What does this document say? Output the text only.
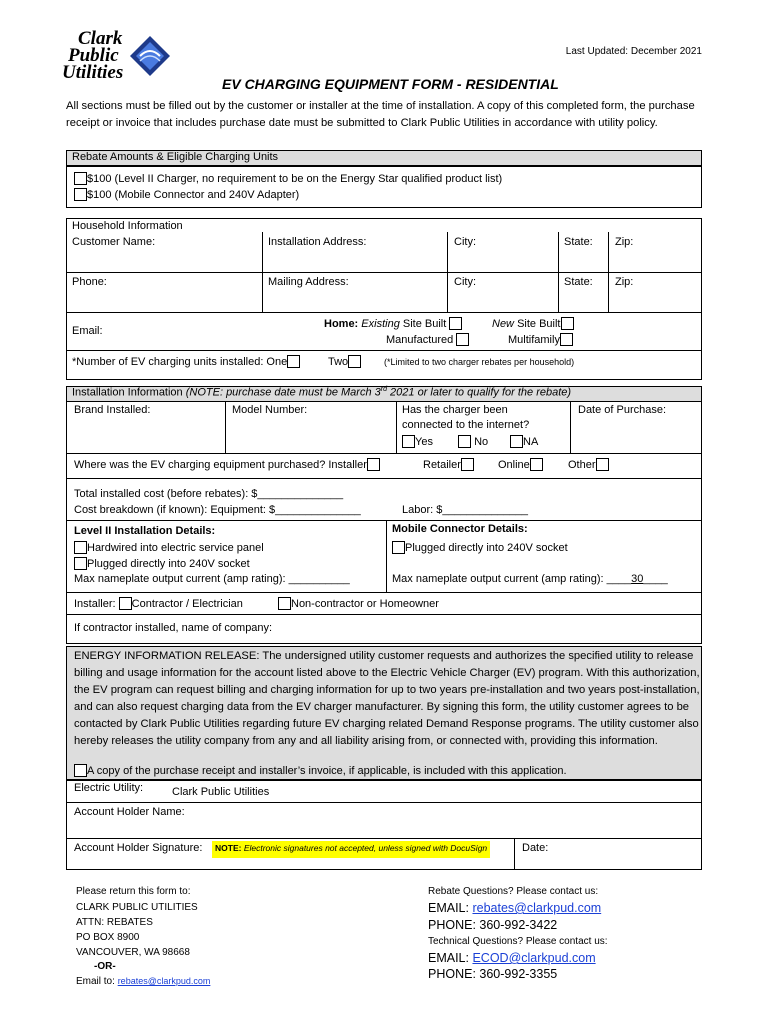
Clark
Public
Utilities
Last Updated: December 2021
EV CHARGING EQUIPMENT FORM - RESIDENTIAL
All sections must be filled out by the customer or installer at the time of installation. A copy of this completed form, the purchase receipt or invoice that includes purchase date must be submitted to Clark Public Utilities in accordance with utility policy.
Rebate Amounts & Eligible Charging Units
$100 (Level II Charger, no requirement to be on the Energy Star qualified product list)
$100 (Mobile Connector and 240V Adapter)
Household Information
Customer Name:	Installation Address:	City:	State: Zip:
Phone:	Mailing Address:	City:	State: Zip:
Email:
Home: Existing Site Built
Manufactured
New Site Built
Multifamily
*Number of EV charging units installed: One	Two	(*Limited to two charger rebates per household)
Installation Information (NOTE: purchase date must be March 3rd 2021 or later to qualify for the rebate)
Brand Installed:	Model Number:	Has the charger been
connected to the internet?
Yes	No	NA
Date of Purchase:
Where was the EV charging equipment purchased? Installer	Retailer	Online	Other
Total installed cost (before rebates): $______________
Cost breakdown (if known): Equipment: $______________	Labor: $______________
Level II Installation Details:
Hardwired into electric service panel
Plugged directly into 240V socket
Max nameplate output current (amp rating): __________
Mobile Connector Details:
Plugged directly into 240V socket
Max nameplate output current (amp rating): ____30____
Installer: Contractor / Electrician	Non-contractor or Homeowner
If contractor installed, name of company:
ENERGY INFORMATION RELEASE: The undersigned utility customer requests and authorizes the specified utility to release billing and usage information for the account listed above to the Electric Vehicle Charger (EV) program. With this authorization, the EV program can request billing and charging information for up to two years pre-installation and two years post-installation, and can also request charging data from the EV charger manufacturer. By signing this form, the utility customer agrees to be contacted by Clark Public Utilities regarding future EV charging related Demand Response programs. The utility customer also hereby releases the utility company from any and all liability arising from, or connected with, providing this information.
A copy of the purchase receipt and installer’s invoice, if applicable, is included with this application.
Electric Utility:	Clark Public Utilities
Account Holder Name:
Account Holder Signature:	NOTE: Electronic signatures not accepted, unless signed with DocuSign	Date:
Please return this form to:
CLARK PUBLIC UTILITIES
ATTN: REBATES
PO BOX 8900
VANCOUVER, WA 98668
-OR-
Email to: rebates@clarkpud.com
Rebate Questions? Please contact us:
EMAIL: rebates@clarkpud.com
PHONE: 360-992-3422
Technical Questions? Please contact us:
EMAIL: ECOD@clarkpud.com
PHONE: 360-992-3355
